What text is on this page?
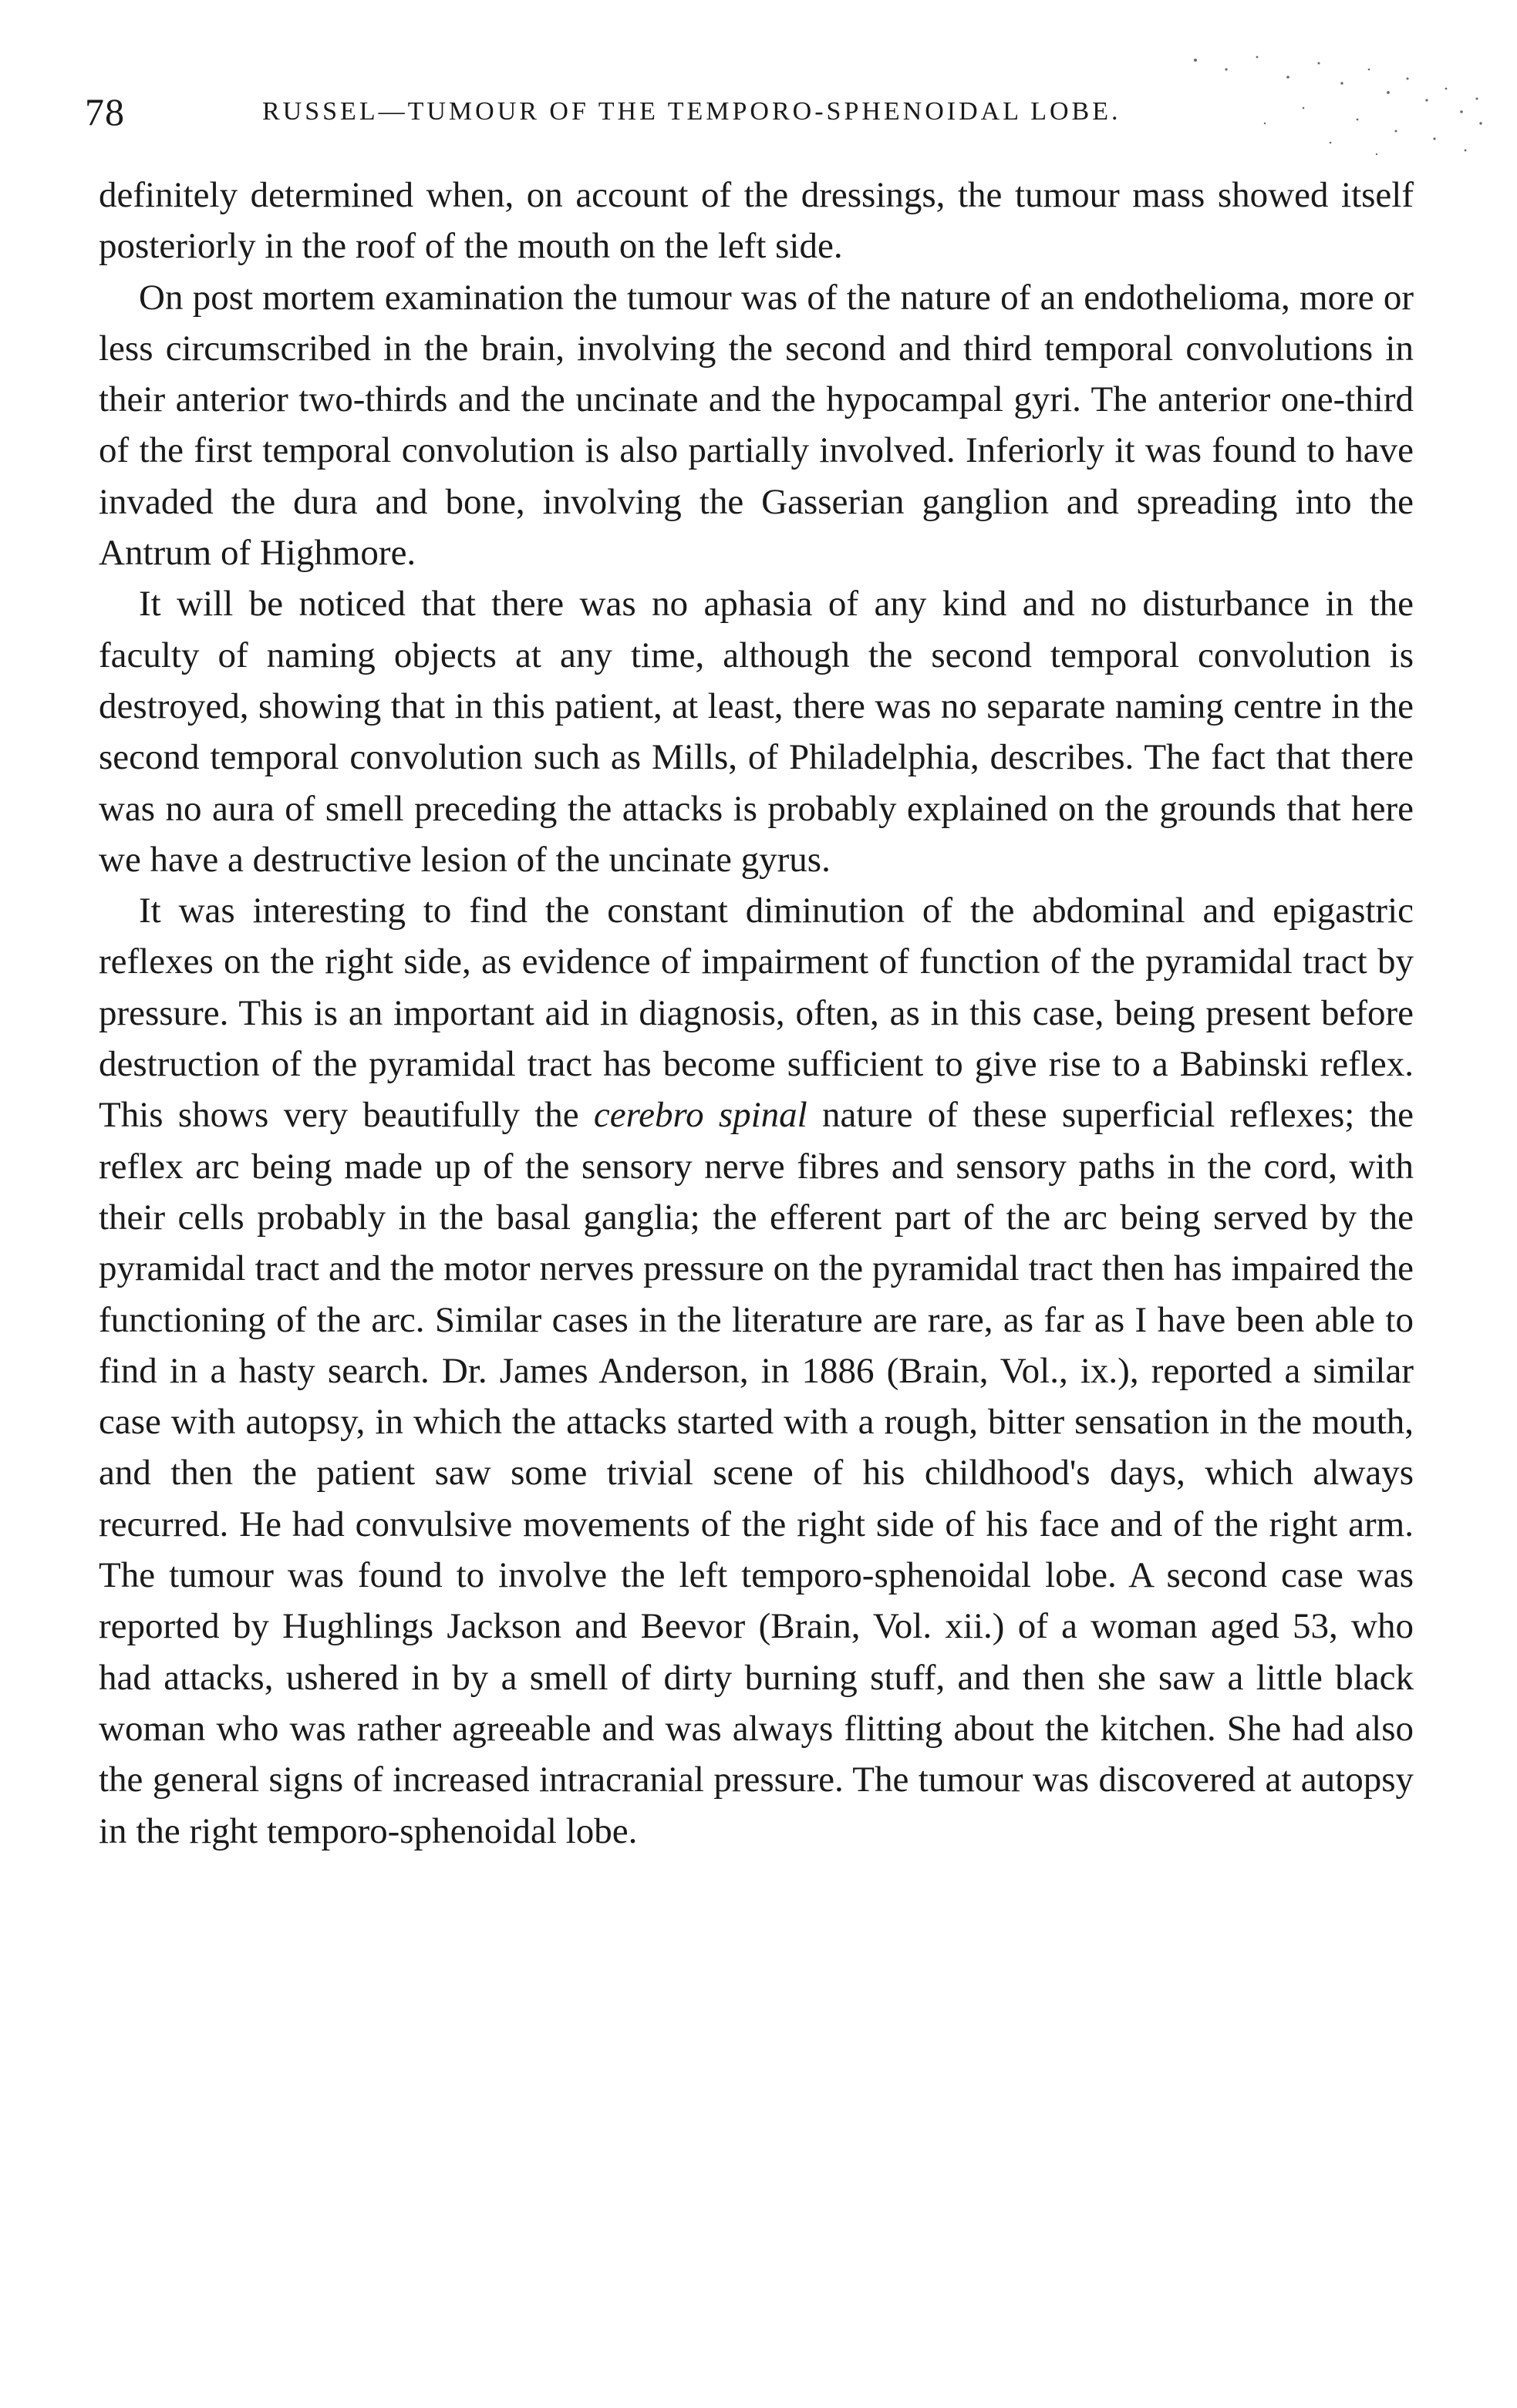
78	RUSSEL—TUMOUR OF THE TEMPORO-SPHENOIDAL LOBE.

definitely determined when, on account of the dressings, the tumour mass showed itself posteriorly in the roof of the mouth on the left side.

On post mortem examination the tumour was of the nature of an endothelioma, more or less circumscribed in the brain, involving the second and third temporal convolutions in their anterior two-thirds and the uncinate and the hypocampal gyri. The anterior one-third of the first temporal convolution is also partially involved. Inferiorly it was found to have invaded the dura and bone, involving the Gasserian ganglion and spreading into the Antrum of Highmore.

It will be noticed that there was no aphasia of any kind and no disturbance in the faculty of naming objects at any time, although the second temporal convolution is destroyed, showing that in this patient, at least, there was no separate naming centre in the second temporal convolution such as Mills, of Philadelphia, describes. The fact that there was no aura of smell preceding the attacks is probably explained on the grounds that here we have a destructive lesion of the uncinate gyrus.

It was interesting to find the constant diminution of the abdominal and epigastric reflexes on the right side, as evidence of impairment of function of the pyramidal tract by pressure. This is an important aid in diagnosis, often, as in this case, being present before destruction of the pyramidal tract has become sufficient to give rise to a Babinski reflex. This shows very beautifully the cerebro spinal nature of these superficial reflexes; the reflex arc being made up of the sensory nerve fibres and sensory paths in the cord, with their cells probably in the basal ganglia; the efferent part of the arc being served by the pyramidal tract and the motor nerves pressure on the pyramidal tract then has impaired the functioning of the arc. Similar cases in the literature are rare, as far as I have been able to find in a hasty search. Dr. James Anderson, in 1886 (Brain, Vol., ix.), reported a similar case with autopsy, in which the attacks started with a rough, bitter sensation in the mouth, and then the patient saw some trivial scene of his childhood's days, which always recurred. He had convulsive movements of the right side of his face and of the right arm. The tumour was found to involve the left temporo-sphenoidal lobe. A second case was reported by Hughlings Jackson and Beevor (Brain, Vol. xii.) of a woman aged 53, who had attacks, ushered in by a smell of dirty burning stuff, and then she saw a little black woman who was rather agreeable and was always flitting about the kitchen. She had also the general signs of increased intracranial pressure. The tumour was discovered at autopsy in the right temporo-sphenoidal lobe.
